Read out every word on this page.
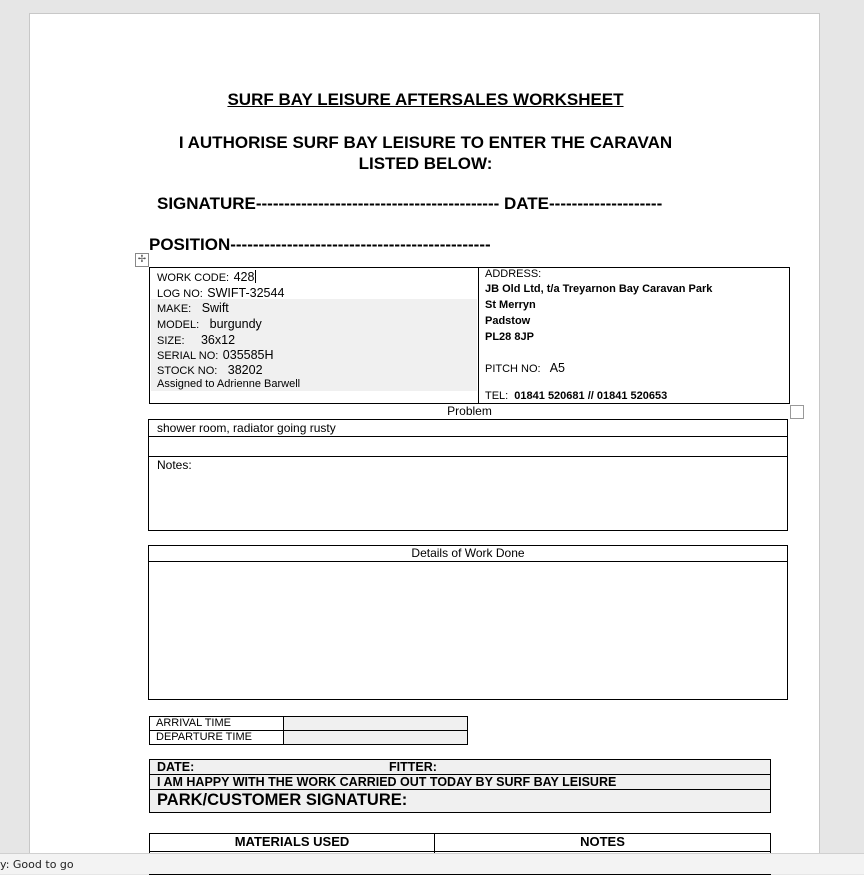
SURF BAY LEISURE AFTERSALES WORKSHEET
I AUTHORISE SURF BAY LEISURE TO ENTER THE CARAVAN
LISTED BELOW:
SIGNATURE------------------------------------------- DATE--------------------
POSITION----------------------------------------------
✢
WORK CODE: 428
LOG NO: SWIFT-32544
MAKE: Swift
MODEL: burgundy
SIZE: 36x12
SERIAL NO: 035585H
STOCK NO: 38202
Assigned to Adrienne Barwell
ADDRESS:
JB Old Ltd, t/a Treyarnon Bay Caravan Park
St Merryn
Padstow
PL28 8JP
PITCH NO: A5
TEL: 01841 520681 // 01841 520653
Problem
shower room, radiator going rusty
Notes:
Details of Work Done
ARRIVAL TIME	
DEPARTURE TIME	
DATE:	FITTER:
I AM HAPPY WITH THE WORK CARRIED OUT TODAY BY SURF BAY LEISURE
PARK/CUSTOMER SIGNATURE:
MATERIALS USED	NOTES
y: Good to go
